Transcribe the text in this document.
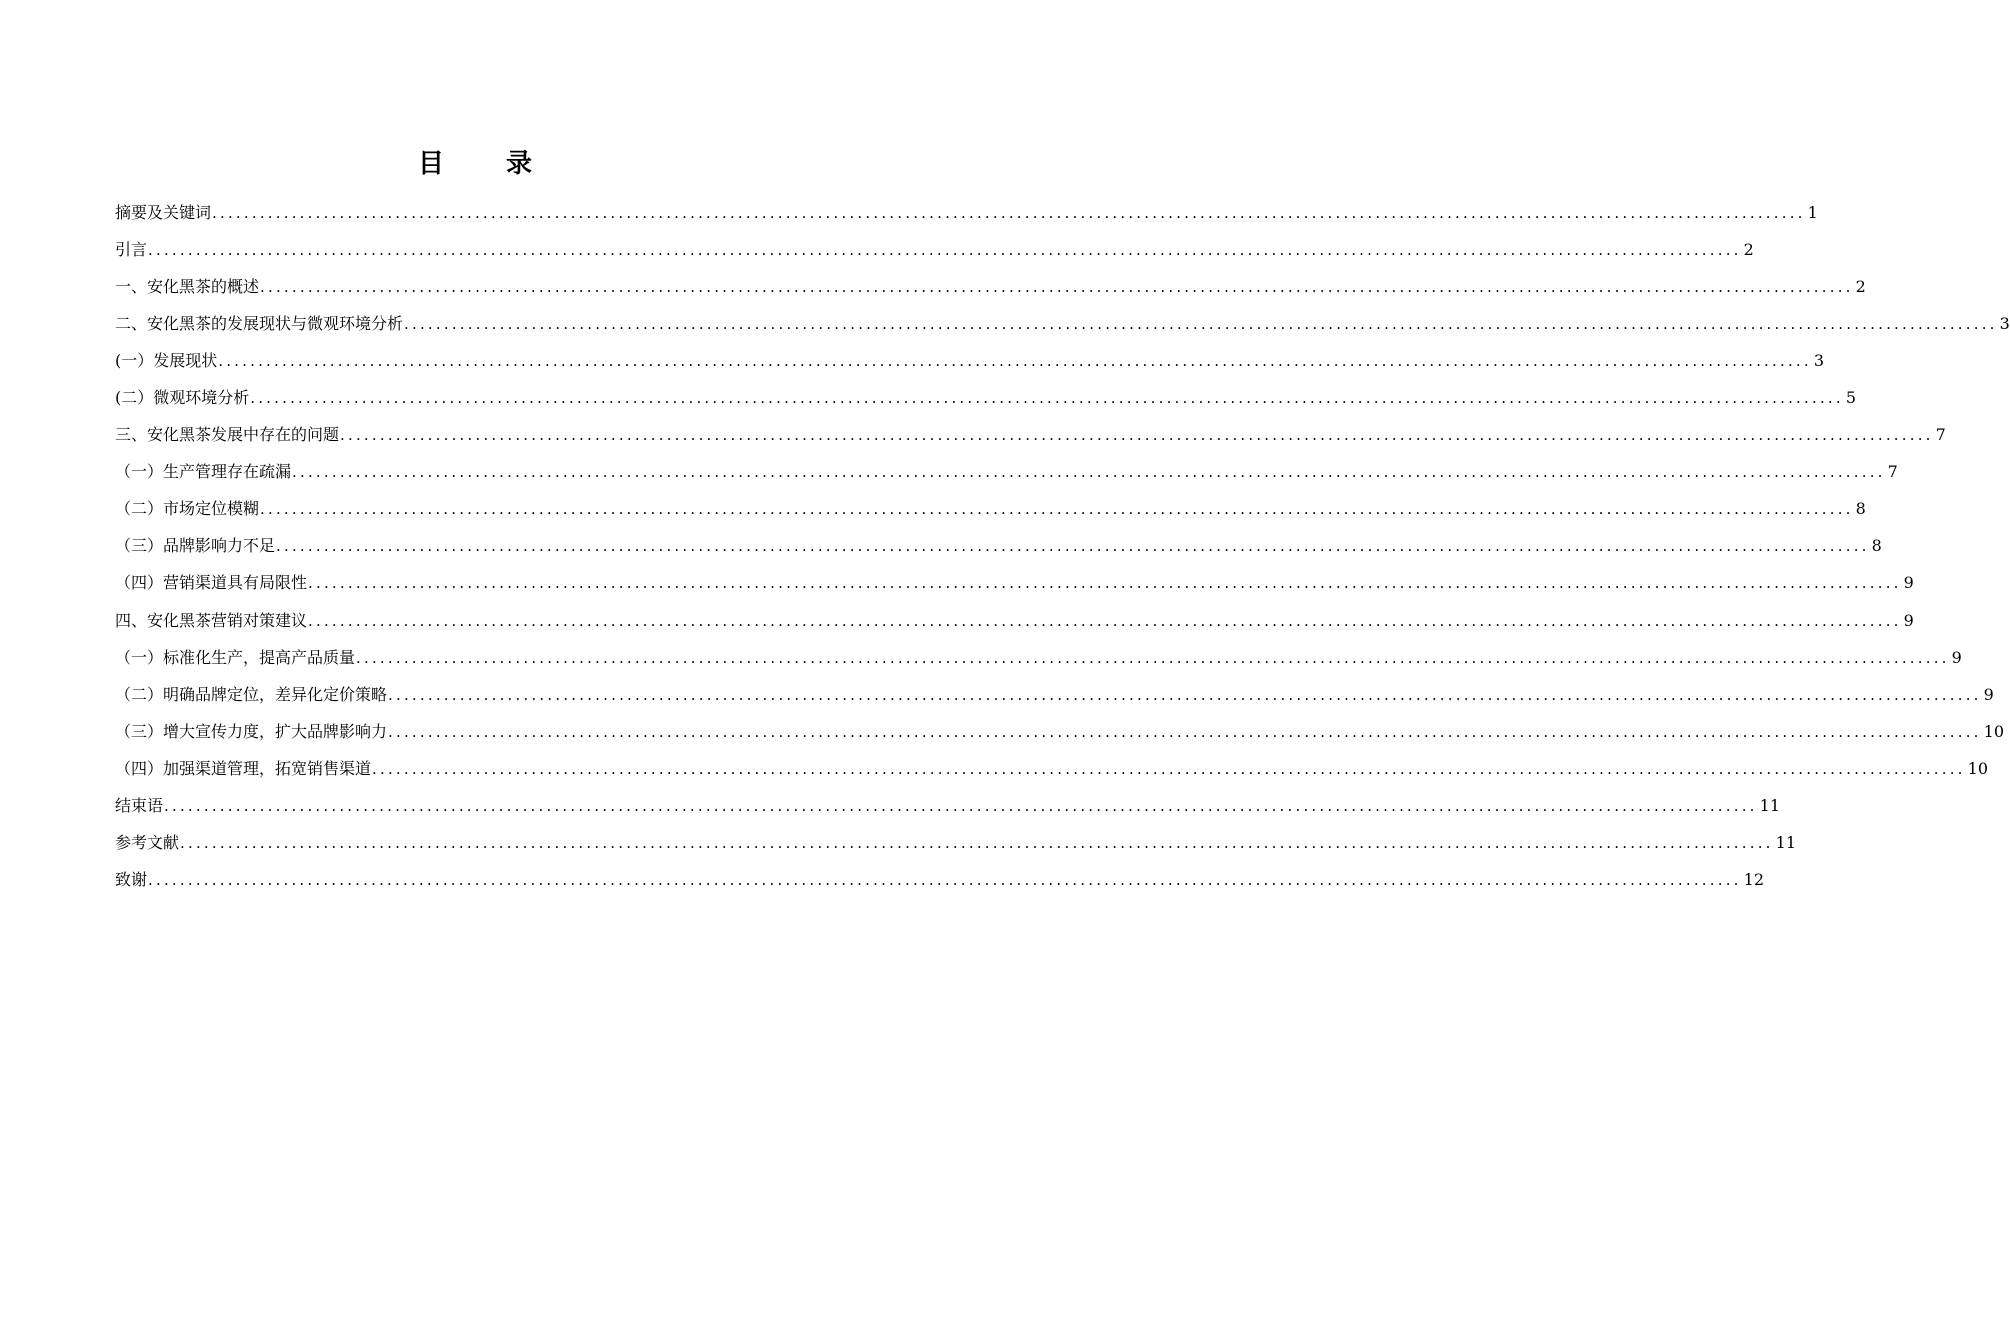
目 录
摘要及关键词 ........................................................................................................................................................................................................ 1
引言 ........................................................................................................................................................................................................ 2
一、安化黑茶的概述 ........................................................................................................................................................................................................ 2
二、安化黑茶的发展现状与微观环境分析 ........................................................................................................................................................................................................ 3
(一）发展现状 ........................................................................................................................................................................................................ 3
(二）微观环境分析 ........................................................................................................................................................................................................ 5
三、安化黑茶发展中存在的问题 ........................................................................................................................................................................................................ 7
（一）生产管理存在疏漏 ........................................................................................................................................................................................................ 7
（二）市场定位模糊 ........................................................................................................................................................................................................ 8
（三）品牌影响力不足 ........................................................................................................................................................................................................ 8
（四）营销渠道具有局限性 ........................................................................................................................................................................................................ 9
四、安化黑茶营销对策建议 ........................................................................................................................................................................................................ 9
（一）标准化生产，提高产品质量 ........................................................................................................................................................................................................ 9
（二）明确品牌定位，差异化定价策略 ........................................................................................................................................................................................................ 9
（三）增大宣传力度，扩大品牌影响力 ........................................................................................................................................................................................................ 10
（四）加强渠道管理，拓宽销售渠道 ........................................................................................................................................................................................................ 10
结束语 ........................................................................................................................................................................................................ 11
参考文献 ........................................................................................................................................................................................................ 11
致谢 ........................................................................................................................................................................................................ 12
